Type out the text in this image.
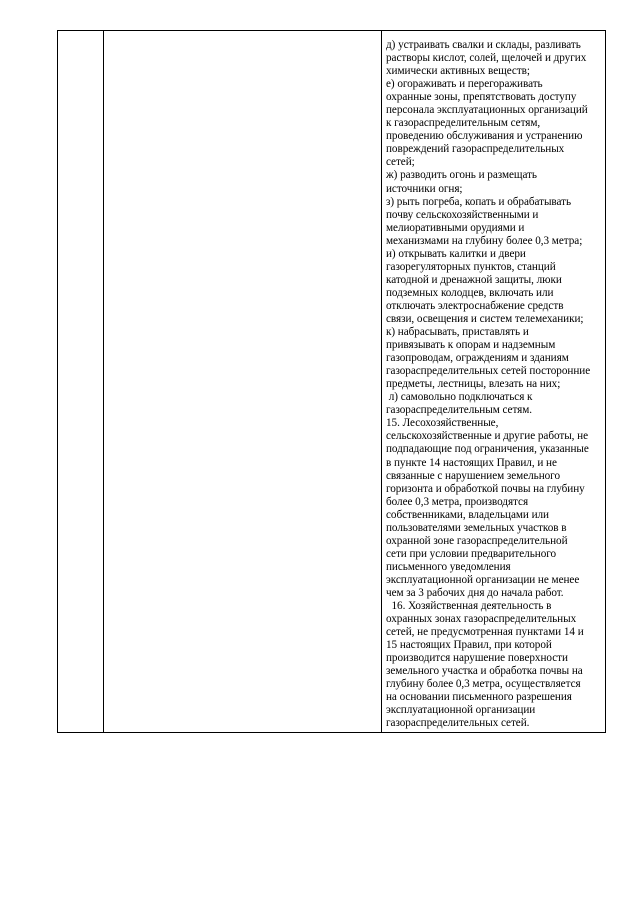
д) устраивать свалки и склады, разливать
растворы кислот, солей, щелочей и других
химически активных веществ;
е) огораживать и перегораживать
охранные зоны, препятствовать доступу
персонала эксплуатационных организаций
к газораспределительным сетям,
проведению обслуживания и устранению
повреждений газораспределительных
сетей;
ж) разводить огонь и размещать
источники огня;
з) рыть погреба, копать и обрабатывать
почву сельскохозяйственными и
мелиоративными орудиями и
механизмами на глубину более 0,3 метра;
и) открывать калитки и двери
газорегуляторных пунктов, станций
катодной и дренажной защиты, люки
подземных колодцев, включать или
отключать электроснабжение средств
связи, освещения и систем телемеханики;
к) набрасывать, приставлять и
привязывать к опорам и надземным
газопроводам, ограждениям и зданиям
газораспределительных сетей посторонние
предметы, лестницы, влезать на них;
л) самовольно подключаться к
газораспределительным сетям.
15. Лесохозяйственные,
сельскохозяйственные и другие работы, не
подпадающие под ограничения, указанные
в пункте 14 настоящих Правил, и не
связанные с нарушением земельного
горизонта и обработкой почвы на глубину
более 0,3 метра, производятся
собственниками, владельцами или
пользователями земельных участков в
охранной зоне газораспределительной
сети при условии предварительного
письменного уведомления
эксплуатационной организации не менее
чем за 3 рабочих дня до начала работ.
16. Хозяйственная деятельность в
охранных зонах газораспределительных
сетей, не предусмотренная пунктами 14 и
15 настоящих Правил, при которой
производится нарушение поверхности
земельного участка и обработка почвы на
глубину более 0,3 метра, осуществляется
на основании письменного разрешения
эксплуатационной организации
газораспределительных сетей.
